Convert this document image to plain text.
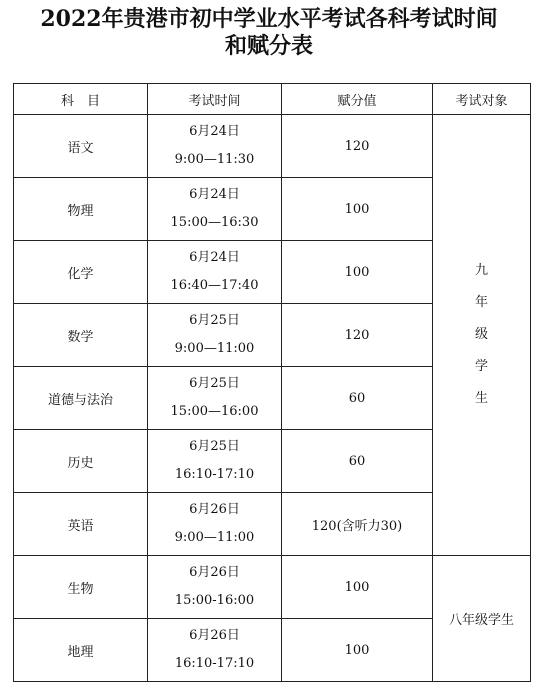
2022年贵港市初中学业水平考试各科考试时间
和赋分表
科　目	考试时间	赋分值	考试对象
语文	6月24日
9:00—11:30	120	九年级学生
物理	6月24日
15:00—16:30	100	
化学	6月24日
16:40—17:40	100	
数学	6月25日
9:00—11:00	120	
道德与法治	6月25日
15:00—16:00	60	
历史	6月25日
16:10-17:10	60	
英语	6月26日
9:00—11:00	120(含听力30)	
生物	6月26日
15:00-16:00	100	八年级学生
地理	6月26日
16:10-17:10	100	
